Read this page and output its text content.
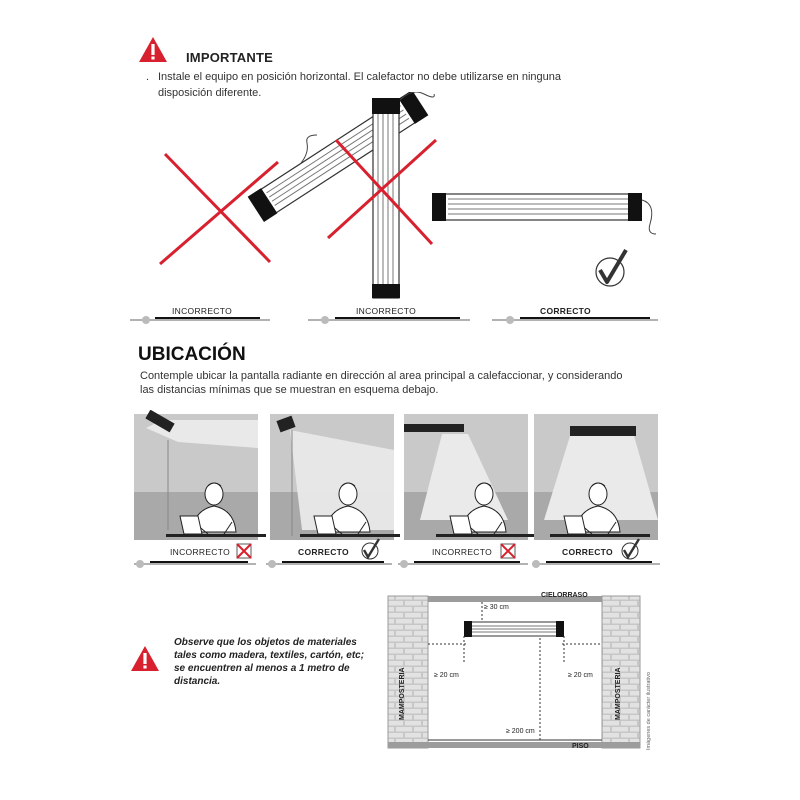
IMPORTANTE
. Instale el equipo en posición horizontal. El calefactor no debe utilizarse en ninguna
disposición diferente.
INCORRECTO	INCORRECTO	CORRECTO
UBICACIÓN
Contemple ubicar la pantalla radiante en dirección al area principal a calefaccionar, y considerando
las distancias mínimas que se muestran en esquema debajo.
INCORRECTO	CORRECTO	INCORRECTO	CORRECTO
Observe que los objetos de materiales
tales como madera, textiles, cartón, etc;
se encuentren al menos a 1 metro de
distancia.
CIELORRASO
PISO
MAMPOSTERIA	MAMPOSTERIA
≥ 30 cm
≥ 20 cm	≥ 20 cm
≥ 200 cm	Imágenes de carácter ilustrativo
